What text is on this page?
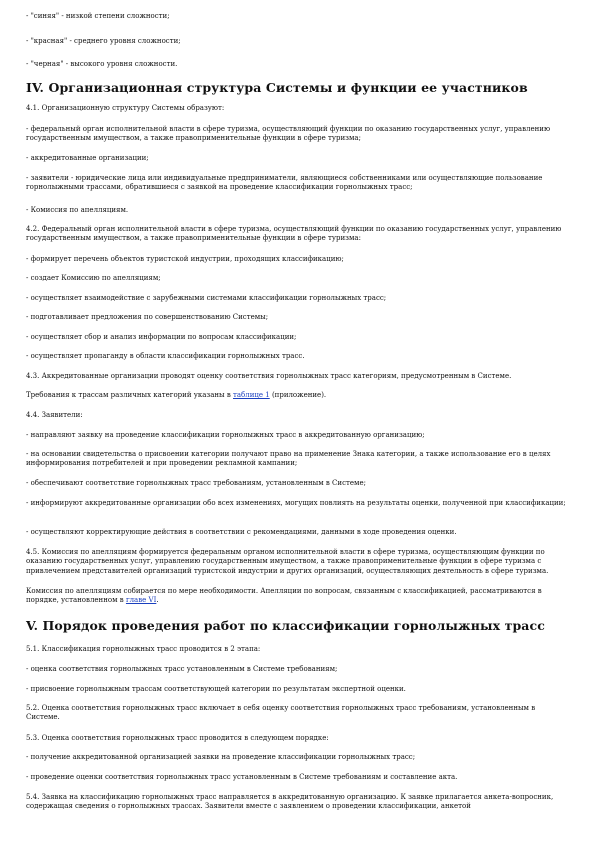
- "синяя" - низкой степени сложности;

- "красная" - среднего уровня сложности;

- "черная" - высокого уровня сложности.

IV. Организационная структура Системы и функции ее участников

4.1. Организационную структуру Системы образуют:

- федеральный орган исполнительной власти в сфере туризма, осуществляющий функции по оказанию государственных услуг, управлению государственным имуществом, а также правоприменительные функции в сфере туризма;

- аккредитованные организации;

- заявители - юридические лица или индивидуальные предприниматели, являющиеся собственниками или осуществляющие пользование горнолыжными трассами, обратившиеся с заявкой на проведение классификации горнолыжных трасс;

- Комиссия по апелляциям.

4.2. Федеральный орган исполнительной власти в сфере туризма, осуществляющий функции по оказанию государственных услуг, управлению государственным имуществом, а также правоприменительные функции в сфере туризма:

- формирует перечень объектов туристской индустрии, проходящих классификацию;

- создает Комиссию по апелляциям;

- осуществляет взаимодействие с зарубежными системами классификации горнолыжных трасс;

- подготавливает предложения по совершенствованию Системы;

- осуществляет сбор и анализ информации по вопросам классификации;

- осуществляет пропаганду в области классификации горнолыжных трасс.

4.3. Аккредитованные организации проводят оценку соответствия горнолыжных трасс категориям, предусмотренным в Системе.

Требования к трассам различных категорий указаны в таблице 1 (приложение).

4.4. Заявители:

- направляют заявку на проведение классификации горнолыжных трасс в аккредитованную организацию;

- на основании свидетельства о присвоении категории получают право на применение Знака категории, а также использование его в целях информирования потребителей и при проведении рекламной кампании;

- обеспечивают соответствие горнолыжных трасс требованиям, установленным в Системе;

- информируют аккредитованные организации обо всех изменениях, могущих повлиять на результаты оценки, полученной при классификации;

- осуществляют корректирующие действия в соответствии с рекомендациями, данными в ходе проведения оценки.

4.5. Комиссия по апелляциям формируется федеральным органом исполнительной власти в сфере туризма, осуществляющим функции по оказанию государственных услуг, управлению государственным имуществом, а также правоприменительные функции в сфере туризма с привлечением представителей организаций туристской индустрии и других организаций, осуществляющих деятельность в сфере туризма.

Комиссия по апелляциям собирается по мере необходимости. Апелляции по вопросам, связанным с классификацией, рассматриваются в порядке, установленном в главе VI.

V. Порядок проведения работ по классификации горнолыжных трасс

5.1. Классификация горнолыжных трасс проводится в 2 этапа:

- оценка соответствия горнолыжных трасс установленным в Системе требованиям;

- присвоение горнолыжным трассам соответствующей категории по результатам экспертной оценки.

5.2. Оценка соответствия горнолыжных трасс включает в себя оценку соответствия горнолыжных трасс требованиям, установленным в Системе.

5.3. Оценка соответствия горнолыжных трасс проводится в следующем порядке:

- получение аккредитованной организацией заявки на проведение классификации горнолыжных трасс;

- проведение оценки соответствия горнолыжных трасс установленным в Системе требованиям и составление акта.

5.4. Заявка на классификацию горнолыжных трасс направляется в аккредитованную организацию. К заявке прилагается анкета-вопросник, содержащая сведения о горнолыжных трассах. Заявители вместе с заявлением о проведении классификации, анкетой
